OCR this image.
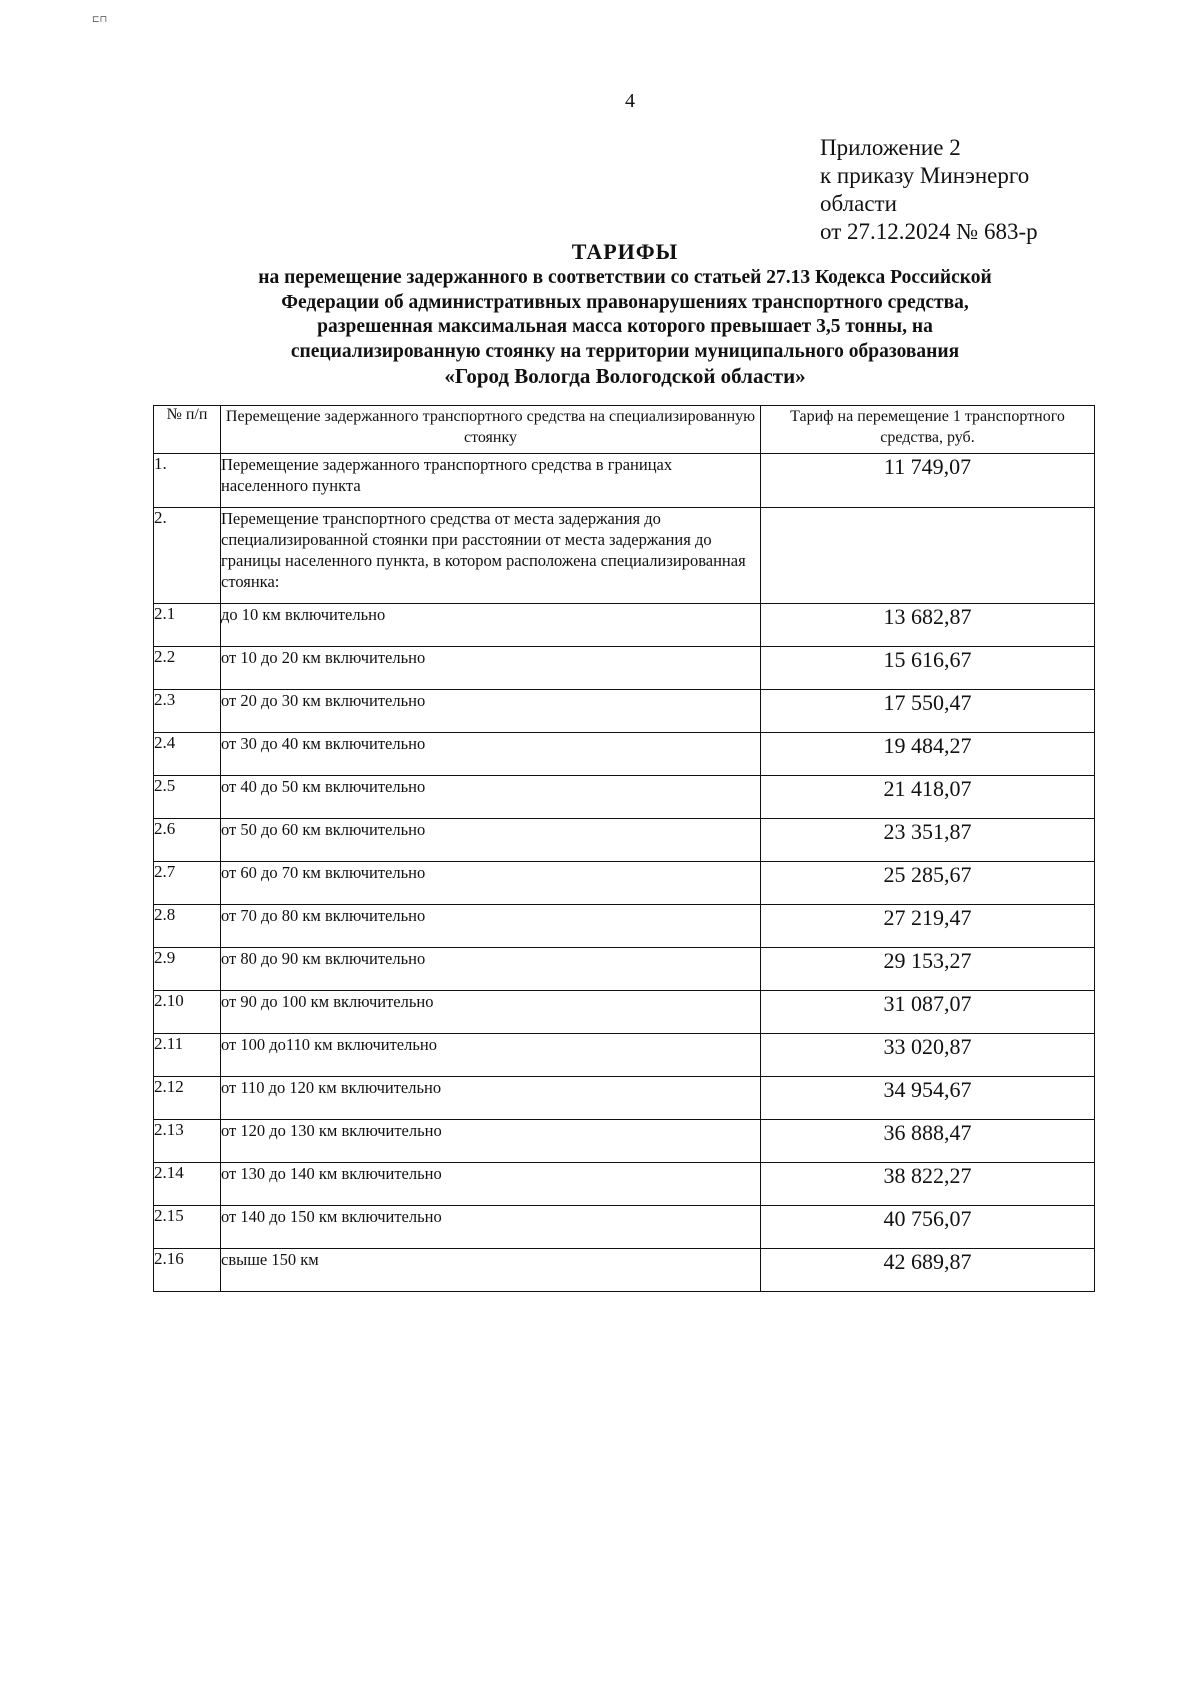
⊏⊓
4
Приложение 2
к приказу Минэнерго
области
от 27.12.2024 № 683-р
ТАРИФЫ
на перемещение задержанного в соответствии со статьей 27.13 Кодекса Российской
Федерации об административных правонарушениях транспортного средства,
разрешенная максимальная масса которого превышает 3,5 тонны, на
специализированную стоянку на территории муниципального образования
«Город Вологда Вологодской области»
№ п/п	Перемещение задержанного транспортного средства на специализированную стоянку	Тариф на перемещение 1 транспортного средства, руб.
1.	Перемещение задержанного транспортного средства в границах населенного пункта	11 749,07
2.	Перемещение транспортного средства от места задержания до специализированной стоянки при расстоянии от места задержания до границы населенного пункта, в котором расположена специализированная стоянка:	
2.1	до 10 км включительно	13 682,87
2.2	от 10 до 20 км включительно	15 616,67
2.3	от 20 до 30 км включительно	17 550,47
2.4	от 30 до 40 км включительно	19 484,27
2.5	от 40 до 50 км включительно	21 418,07
2.6	от 50 до 60 км включительно	23 351,87
2.7	от 60 до 70 км включительно	25 285,67
2.8	от 70 до 80 км включительно	27 219,47
2.9	от 80 до 90 км включительно	29 153,27
2.10	от 90 до 100 км включительно	31 087,07
2.11	от 100 до110 км включительно	33 020,87
2.12	от 110 до 120 км включительно	34 954,67
2.13	от 120 до 130 км включительно	36 888,47
2.14	от 130 до 140 км включительно	38 822,27
2.15	от 140 до 150 км включительно	40 756,07
2.16	свыше 150 км	42 689,87
